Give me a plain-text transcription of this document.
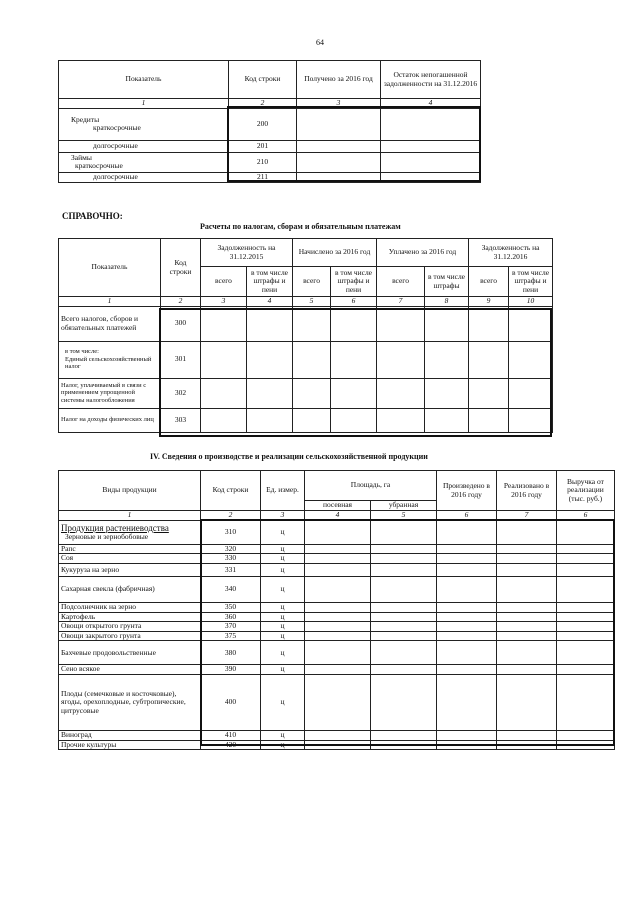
64
Показатель	Код строки	Получено за 2016 год	Остаток непогашенной задолженности на 31.12.2016
1	2	3	4

Кредиты
краткосрочные	200		

долгосрочные	201		

Займы
краткосрочные	210		

долгосрочные	211		
СПРАВОЧНО:
Расчеты по налогам, сборам и обязательным платежам
Показатель	Код строки	Задолженность на 31.12.2015		Начислено за 2016 год		Уплачено за 2016 год		Задолженность на 31.12.2016	
		всего	в том числе штрафы и пени	всего	в том числе штрафы и пени	всего	в том числе штрафы	всего	в том числе штрафы и пени
1	2	3	4	5	6	7	8	9	10
Всего налогов, сборов и обязательных платежей	300								

в том числе:
Единый сельскохозяйственный налог	301								
Налог, уплачиваемый в связи с применением упрощенной системы налогообложения	302								
Налог на доходы физических лиц	303								
IV. Сведения о производстве и реализации сельскохозяйственной продукции
Виды продукции	Код строки	Ед. измер.	Площадь, га		Произведено в 2016 году	Реализовано в 2016 году	Выручка от реализации (тыс. руб.)
			посевная	убранная			
1	2	3	4	5	6	7	6

Продукция растениеводства
Зерновые и зернобобовые	310	ц					
Рапс	320	ц					
Соя	330	ц					
Кукуруза на зерно	331	ц					
Сахарная свекла (фабричная)	340	ц					
Подсолнечник на зерно	350	ц					
Картофель	360	ц					
Овощи открытого грунта	370	ц					
Овощи закрытого грунта	375	ц					
Бахчевые продовольственные	380	ц					
Сено всякое	390	ц					
Плоды (семечковые и косточковые), ягоды, орехоплодные, субтропические, цитрусовые	400	ц					
Виноград	410	ц					
Прочие культуры	420	ц					
